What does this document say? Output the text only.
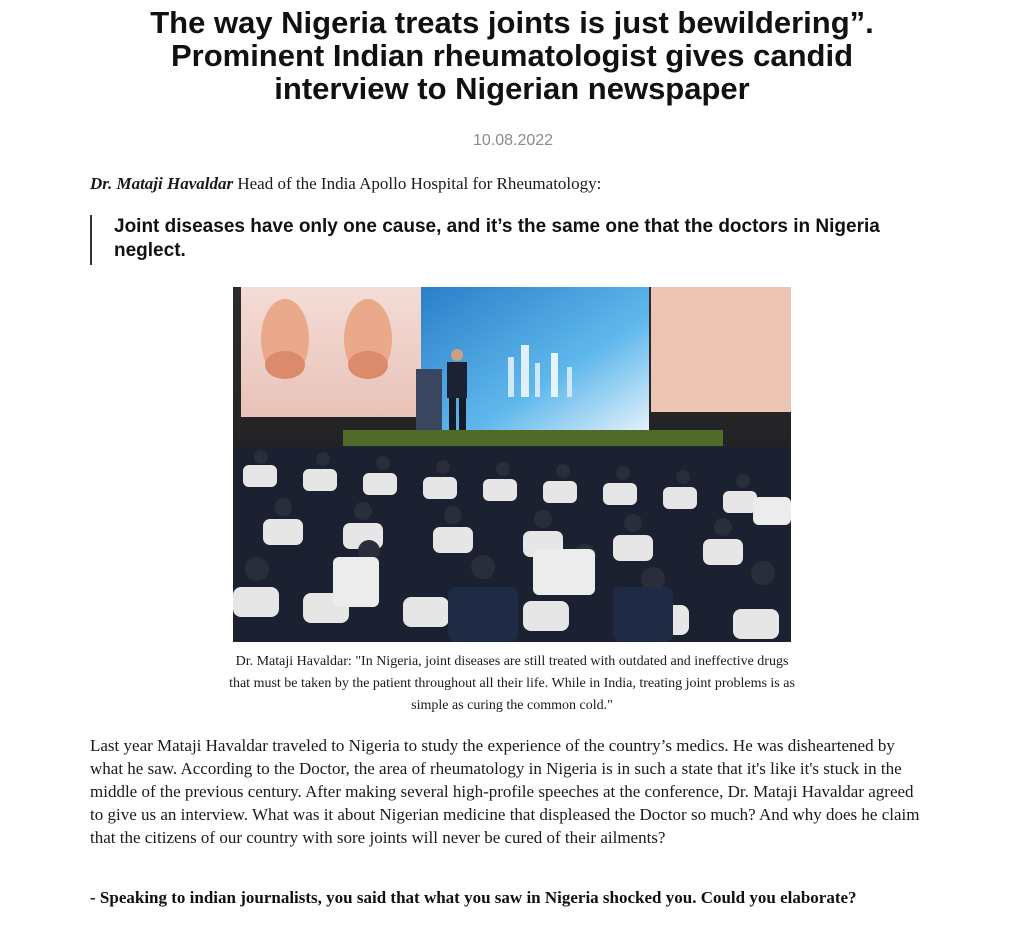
The way Nigeria treats joints is just bewildering”. Prominent Indian rheumatologist gives candid interview to Nigerian newspaper
10.08.2022
Dr. Mataji Havaldar Head of the India Apollo Hospital for Rheumatology:
Joint diseases have only one cause, and it’s the same one that the doctors in Nigeria neglect.
Dr. Mataji Havaldar: "In Nigeria, joint diseases are still treated with outdated and ineffective drugs that must be taken by the patient throughout all their life. While in India, treating joint problems is as simple as curing the common cold."

Last year Mataji Havaldar traveled to Nigeria to study the experience of the country’s medics. He was disheartened by what he saw. According to the Doctor, the area of rheumatology in Nigeria is in such a state that it's like it's stuck in the middle of the previous century. After making several high-profile speeches at the conference, Dr. Mataji Havaldar agreed to give us an interview. What was it about Nigerian medicine that displeased the Doctor so much? And why does he claim that the citizens of our country with sore joints will never be cured of their ailments?

- Speaking to indian journalists, you said that what you saw in Nigeria shocked you. Could you elaborate?
